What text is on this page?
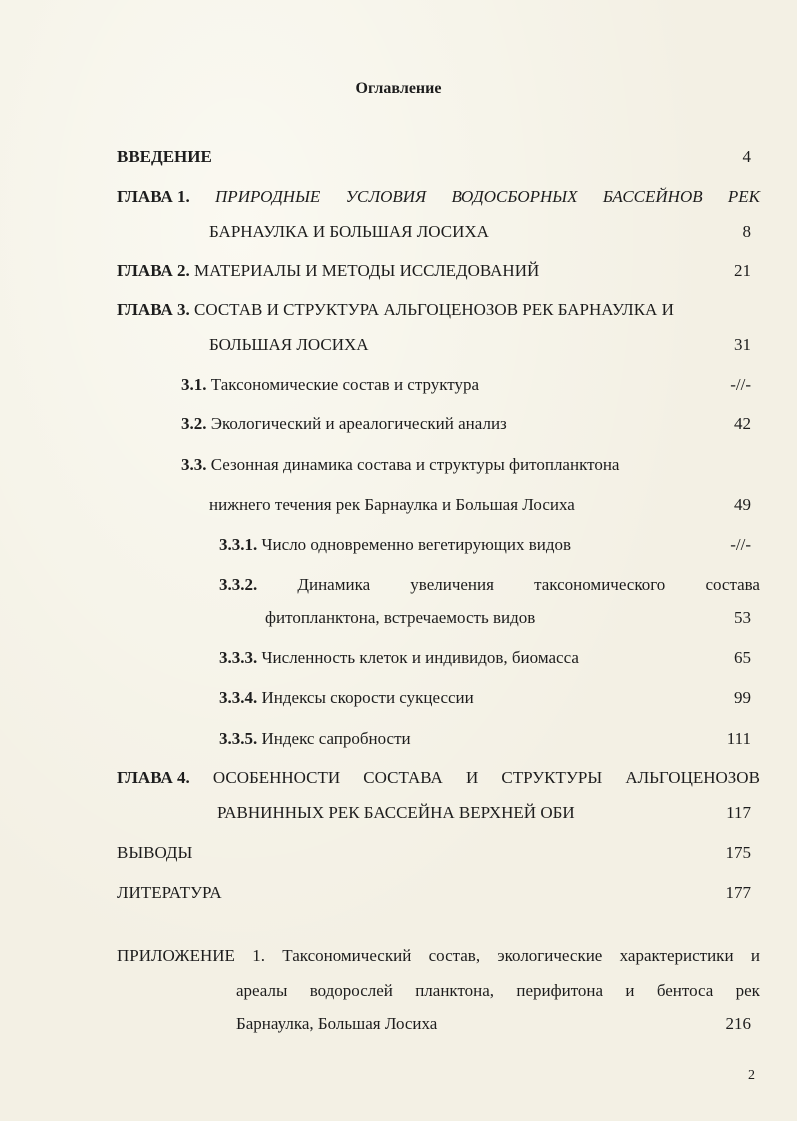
Оглавление
ВВЕДЕНИЕ	4
ГЛАВА 1. ПРИРОДНЫЕ УСЛОВИЯ ВОДОСБОРНЫХ БАССЕЙНОВ РЕК
БАРНАУЛКА И БОЛЬШАЯ ЛОСИХА	8
ГЛАВА 2. МАТЕРИАЛЫ И МЕТОДЫ ИССЛЕДОВАНИЙ	21
ГЛАВА 3. СОСТАВ И СТРУКТУРА АЛЬГОЦЕНОЗОВ РЕК БАРНАУЛКА И
БОЛЬШАЯ ЛОСИХА	31
3.1. Таксономические состав и структура	-//-
3.2. Экологический и ареалогический анализ	42
3.3. Сезонная динамика состава и структуры фитопланктона
нижнего течения рек Барнаулка и Большая Лосиха	49
3.3.1. Число одновременно вегетирующих видов	-//-
3.3.2. Динамика увеличения таксономического состава
фитопланктона, встречаемость видов	53
3.3.3. Численность клеток и индивидов, биомасса	65
3.3.4. Индексы скорости сукцессии	99
3.3.5. Индекс сапробности	111
ГЛАВА 4. ОСОБЕННОСТИ СОСТАВА И СТРУКТУРЫ АЛЬГОЦЕНОЗОВ
РАВНИННЫХ РЕК БАССЕЙНА ВЕРХНЕЙ ОБИ	117
ВЫВОДЫ	175
ЛИТЕРАТУРА	177
ПРИЛОЖЕНИЕ 1. Таксономический состав, экологические характеристики и
ареалы водорослей планктона, перифитона и бентоса рек
Барнаулка, Большая Лосиха	216
2
